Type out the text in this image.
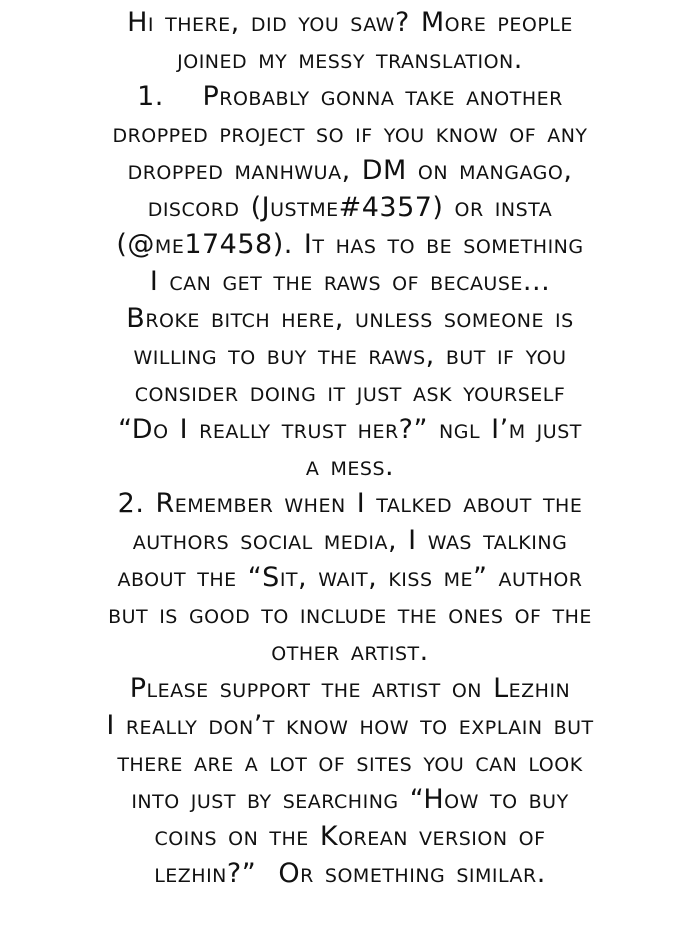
Hi there, did you saw? More people
joined my messy translation.
1.  Probably gonna take another
dropped project so if you know of any
dropped manhwua, DM on mangago,
discord (Justme#4357) or insta
(@me17458). It has to be something
I can get the raws of because...
Broke bitch here, unless someone is
willing to buy the raws, but if you
consider doing it just ask yourself
“Do I really trust her?” ngl I’m just
a mess.
2. Remember when I talked about the
authors social media, I was talking
about the “Sit, wait, kiss me” author
but is good to include the ones of the
other artist.
Please support the artist on Lezhin
I really don’t know how to explain but
there are a lot of sites you can look
into just by searching “How to buy
coins on the Korean version of
lezhin?”  Or something similar.
